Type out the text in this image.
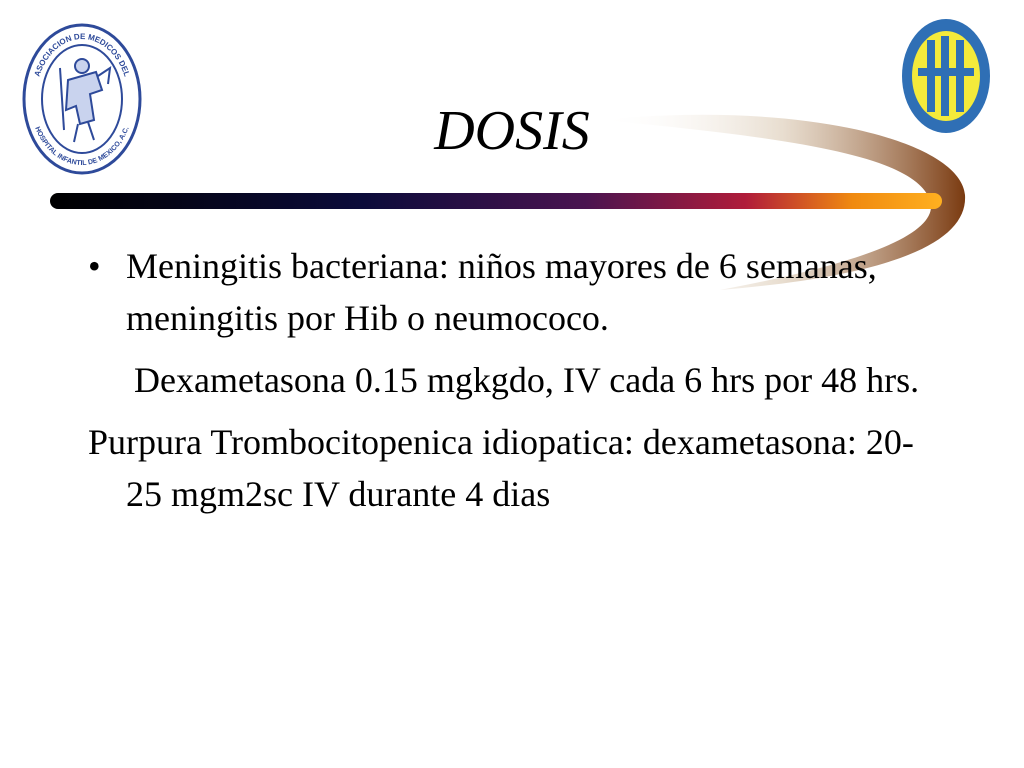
ASOCIACION DE MEDICOS DEL
HOSPITAL INFANTIL DE MEXICO, A.C.	DOSIS

• Meningitis bacteriana: niños mayores de 6 semanas, meningitis por Hib o neumococo.

Dexametasona 0.15 mgkgdo, IV cada 6 hrs por 48 hrs.

Purpura Trombocitopenica idiopatica: dexametasona: 20-25 mgm2sc IV durante 4 dias
